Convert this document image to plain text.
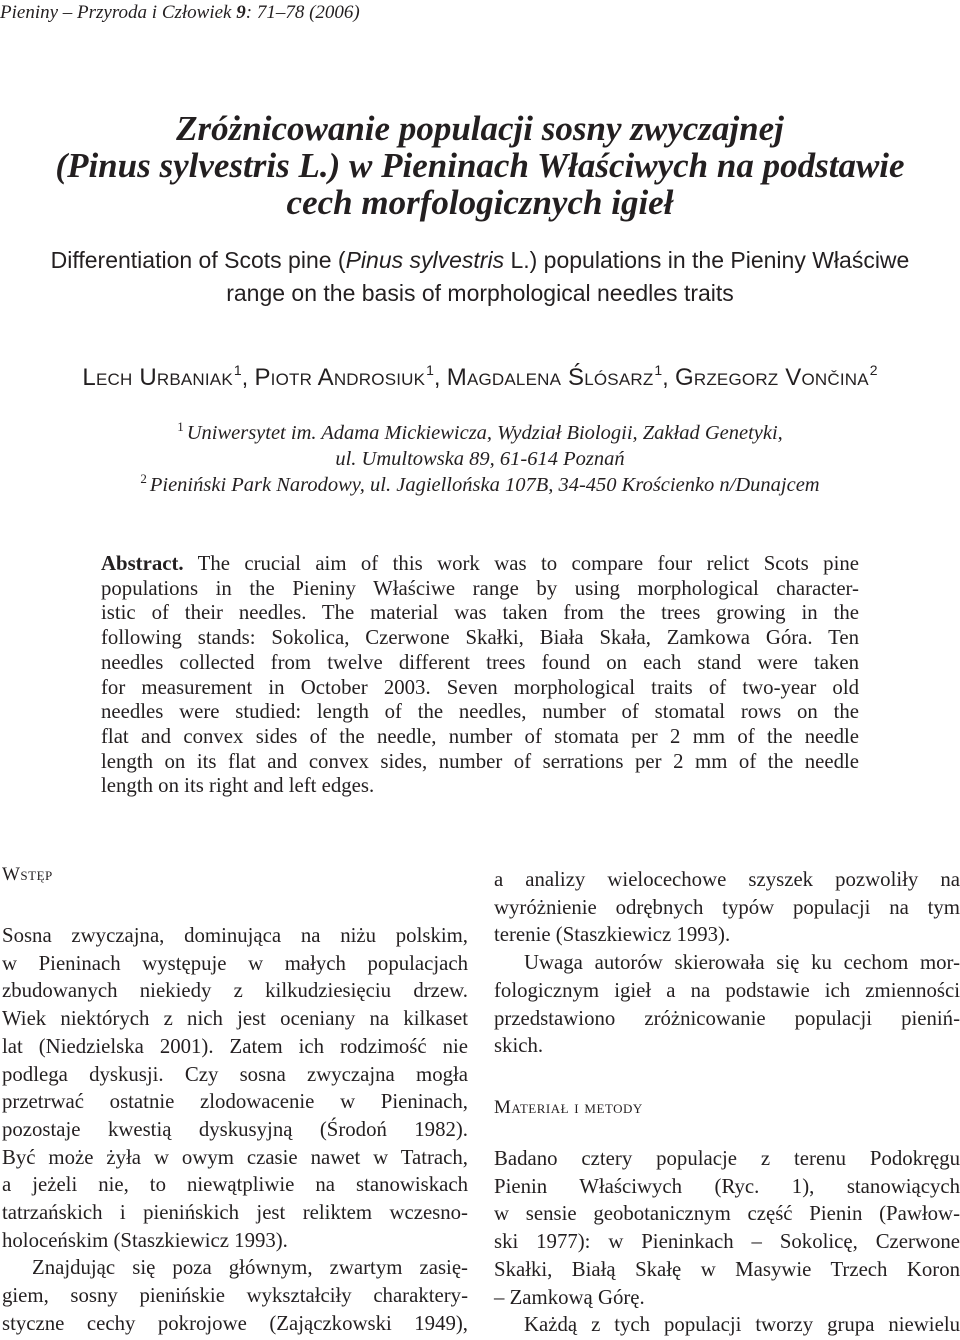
Pieniny – Przyroda i Człowiek 9: 71–78 (2006)
Zróżnicowanie populacji sosny zwyczajnej
(Pinus sylvestris L.) w Pieninach Właściwych na podstawie
cech morfologicznych igieł
Differentiation of Scots pine (Pinus sylvestris L.) populations in the Pieniny Właściwe
range on the basis of morphological needles traits
Lech Urbaniak$^1$, Piotr Androsiuk$^1$, Magdalena Ślósarz$^1$, Grzegorz Vončina$^2$
$^1$ Uniwersytet im. Adama Mickiewicza, Wydział Biologii, Zakład Genetyki,
ul. Umultowska 89, 61-614 Poznań
$^2$ Pieniński Park Narodowy, ul. Jagiellońska 107B, 34-450 Krościenko n/Dunajcem
Abstract. The crucial aim of this work was to compare four relict Scots pine
populations in the Pieniny Właściwe range by using morphological character-
istic of their needles. The material was taken from the trees growing in the
following stands: Sokolica, Czerwone Skałki, Biała Skała, Zamkowa Góra. Ten
needles collected from twelve different trees found on each stand were taken
for measurement in October 2003. Seven morphological traits of two-year old
needles were studied: length of the needles, number of stomatal rows on the
flat and convex sides of the needle, number of stomata per 2 mm of the needle
length on its flat and convex sides, number of serrations per 2 mm of the needle
length on its right and left edges.
Wstęp
Sosna zwyczajna, dominująca na niżu polskim,
w Pieninach występuje w małych populacjach
zbudowanych niekiedy z kilkudziesięciu drzew.
Wiek niektórych z nich jest oceniany na kilkaset
lat (Niedzielska 2001). Zatem ich rodzimość nie
podlega dyskusji. Czy sosna zwyczajna mogła
przetrwać ostatnie zlodowacenie w Pieninach,
pozostaje kwestią dyskusyjną (Środoń 1982).
Być może żyła w owym czasie nawet w Tatrach,
a jeżeli nie, to niewątpliwie na stanowiskach
tatrzańskich i pienińskich jest reliktem wczesno-
holoceńskim (Staszkiewicz 1993).
Znajdując się poza głównym, zwartym zasię-
giem, sosny pienińskie wykształciły charaktery-
styczne cechy pokrojowe (Zajączkowski 1949),
a analizy wielocechowe szyszek pozwoliły na
wyróżnienie odrębnych typów populacji na tym
terenie (Staszkiewicz 1993).
Uwaga autorów skierowała się ku cechom mor-
fologicznym igieł a na podstawie ich zmienności
przedstawiono zróżnicowanie populacji pieniń-
skich.
Materiał i metody
Badano cztery populacje z terenu Podokręgu
Pienin Właściwych (Ryc. 1), stanowiących
w sensie geobotanicznym część Pienin (Pawłow-
ski 1977): w Pieninkach – Sokolicę, Czerwone
Skałki, Białą Skałę w Masywie Trzech Koron
– Zamkową Górę.
Każdą z tych populacji tworzy grupa niewielu
